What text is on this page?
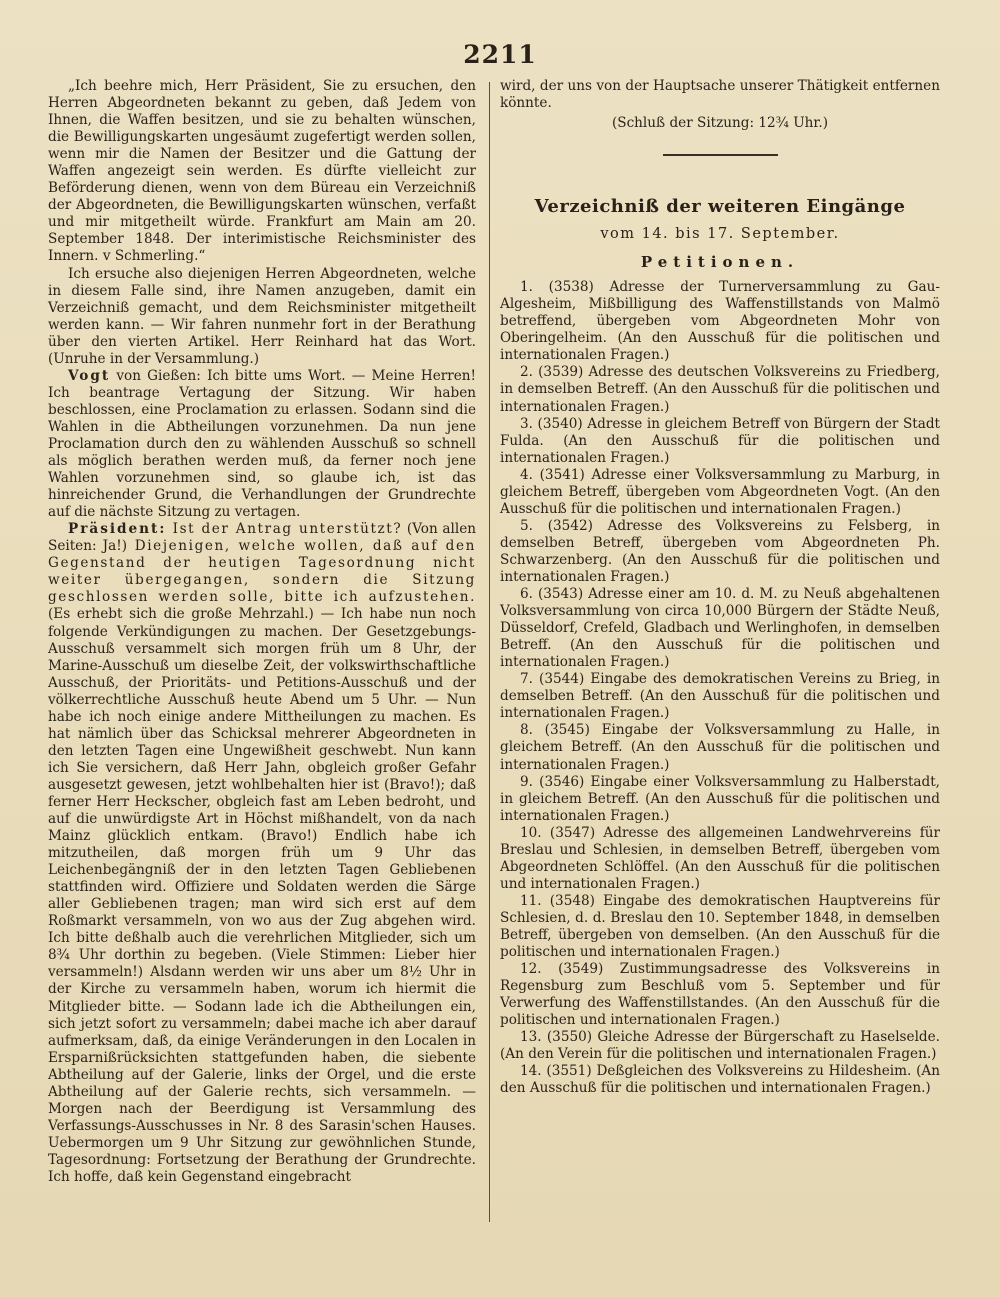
2211

„Ich beehre mich, Herr Präsident, Sie zu ersuchen, den Herren Abgeordneten bekannt zu geben, daß Jedem von Ihnen, die Waffen besitzen, und sie zu behalten wünschen, die Bewilligungskarten ungesäumt zugefertigt werden sollen, wenn mir die Namen der Besitzer und die Gattung der Waffen angezeigt sein werden. Es dürfte vielleicht zur Beförderung dienen, wenn von dem Büreau ein Verzeichniß der Abgeordneten, die Bewilligungskarten wünschen, verfaßt und mir mitgetheilt würde. Frankfurt am Main am 20. September 1848. Der interimistische Reichsminister des Innern. v Schmerling.“

Ich ersuche also diejenigen Herren Abgeordneten, welche in diesem Falle sind, ihre Namen anzugeben, damit ein Verzeichniß gemacht, und dem Reichsminister mitgetheilt werden kann. — Wir fahren nunmehr fort in der Berathung über den vierten Artikel. Herr Reinhard hat das Wort. (Unruhe in der Versammlung.)

Vogt von Gießen: Ich bitte ums Wort. — Meine Herren! Ich beantrage Vertagung der Sitzung. Wir haben beschlossen, eine Proclamation zu erlassen. Sodann sind die Wahlen in die Abtheilungen vorzunehmen. Da nun jene Proclamation durch den zu wählenden Ausschuß so schnell als möglich berathen werden muß, da ferner noch jene Wahlen vorzunehmen sind, so glaube ich, ist das hinreichender Grund, die Verhandlungen der Grundrechte auf die nächste Sitzung zu vertagen.

Präsident: Ist der Antrag unterstützt? (Von allen Seiten: Ja!) Diejenigen, welche wollen, daß auf den Gegenstand der heutigen Tagesordnung nicht weiter übergegangen, sondern die Sitzung geschlossen werden solle, bitte ich aufzustehen. (Es erhebt sich die große Mehrzahl.) — Ich habe nun noch folgende Verkündigungen zu machen. Der Gesetzgebungs-Ausschuß versammelt sich morgen früh um 8 Uhr, der Marine-Ausschuß um dieselbe Zeit, der volkswirthschaftliche Ausschuß, der Prioritäts- und Petitions-Ausschuß und der völkerrechtliche Ausschuß heute Abend um 5 Uhr. — Nun habe ich noch einige andere Mittheilungen zu machen. Es hat nämlich über das Schicksal mehrerer Abgeordneten in den letzten Tagen eine Ungewißheit geschwebt. Nun kann ich Sie versichern, daß Herr Jahn, obgleich großer Gefahr ausgesetzt gewesen, jetzt wohlbehalten hier ist (Bravo!); daß ferner Herr Heckscher, obgleich fast am Leben bedroht, und auf die unwürdigste Art in Höchst mißhandelt, von da nach Mainz glücklich entkam. (Bravo!) Endlich habe ich mitzutheilen, daß morgen früh um 9 Uhr das Leichenbegängniß der in den letzten Tagen Gebliebenen stattfinden wird. Offiziere und Soldaten werden die Särge aller Gebliebenen tragen; man wird sich erst auf dem Roßmarkt versammeln, von wo aus der Zug abgehen wird. Ich bitte deßhalb auch die verehrlichen Mitglieder, sich um 8¾ Uhr dorthin zu begeben. (Viele Stimmen: Lieber hier versammeln!) Alsdann werden wir uns aber um 8½ Uhr in der Kirche zu versammeln haben, worum ich hiermit die Mitglieder bitte. — Sodann lade ich die Abtheilungen ein, sich jetzt sofort zu versammeln; dabei mache ich aber darauf aufmerksam, daß, da einige Veränderungen in den Localen in Ersparnißrücksichten stattgefunden haben, die siebente Abtheilung auf der Galerie, links der Orgel, und die erste Abtheilung auf der Galerie rechts, sich versammeln. — Morgen nach der Beerdigung ist Versammlung des Verfassungs-Ausschusses in Nr. 8 des Sarasin'schen Hauses. Uebermorgen um 9 Uhr Sitzung zur gewöhnlichen Stunde, Tagesordnung: Fortsetzung der Berathung der Grundrechte. Ich hoffe, daß kein Gegenstand eingebracht

wird, der uns von der Hauptsache unserer Thätigkeit entfernen könnte.

(Schluß der Sitzung: 12¾ Uhr.)

Verzeichniß der weiteren Eingänge
vom 14. bis 17. September.
Petitionen.

1. (3538) Adresse der Turnerversammlung zu Gau-Algesheim, Mißbilligung des Waffenstillstands von Malmö betreffend, übergeben vom Abgeordneten Mohr von Oberingelheim. (An den Ausschuß für die politischen und internationalen Fragen.)

2. (3539) Adresse des deutschen Volksvereins zu Friedberg, in demselben Betreff. (An den Ausschuß für die politischen und internationalen Fragen.)

3. (3540) Adresse in gleichem Betreff von Bürgern der Stadt Fulda. (An den Ausschuß für die politischen und internationalen Fragen.)

4. (3541) Adresse einer Volksversammlung zu Marburg, in gleichem Betreff, übergeben vom Abgeordneten Vogt. (An den Ausschuß für die politischen und internationalen Fragen.)

5. (3542) Adresse des Volksvereins zu Felsberg, in demselben Betreff, übergeben vom Abgeordneten Ph. Schwarzenberg. (An den Ausschuß für die politischen und internationalen Fragen.)

6. (3543) Adresse einer am 10. d. M. zu Neuß abgehaltenen Volksversammlung von circa 10,000 Bürgern der Städte Neuß, Düsseldorf, Crefeld, Gladbach und Werlinghofen, in demselben Betreff. (An den Ausschuß für die politischen und internationalen Fragen.)

7. (3544) Eingabe des demokratischen Vereins zu Brieg, in demselben Betreff. (An den Ausschuß für die politischen und internationalen Fragen.)

8. (3545) Eingabe der Volksversammlung zu Halle, in gleichem Betreff. (An den Ausschuß für die politischen und internationalen Fragen.)

9. (3546) Eingabe einer Volksversammlung zu Halberstadt, in gleichem Betreff. (An den Ausschuß für die politischen und internationalen Fragen.)

10. (3547) Adresse des allgemeinen Landwehrvereins für Breslau und Schlesien, in demselben Betreff, übergeben vom Abgeordneten Schlöffel. (An den Ausschuß für die politischen und internationalen Fragen.)

11. (3548) Eingabe des demokratischen Hauptvereins für Schlesien, d. d. Breslau den 10. September 1848, in demselben Betreff, übergeben von demselben. (An den Ausschuß für die politischen und internationalen Fragen.)

12. (3549) Zustimmungsadresse des Volksvereins in Regensburg zum Beschluß vom 5. September und für Verwerfung des Waffenstillstandes. (An den Ausschuß für die politischen und internationalen Fragen.)

13. (3550) Gleiche Adresse der Bürgerschaft zu Haselselde. (An den Verein für die politischen und internationalen Fragen.)

14. (3551) Deßgleichen des Volksvereins zu Hildesheim. (An den Ausschuß für die politischen und internationalen Fragen.)
